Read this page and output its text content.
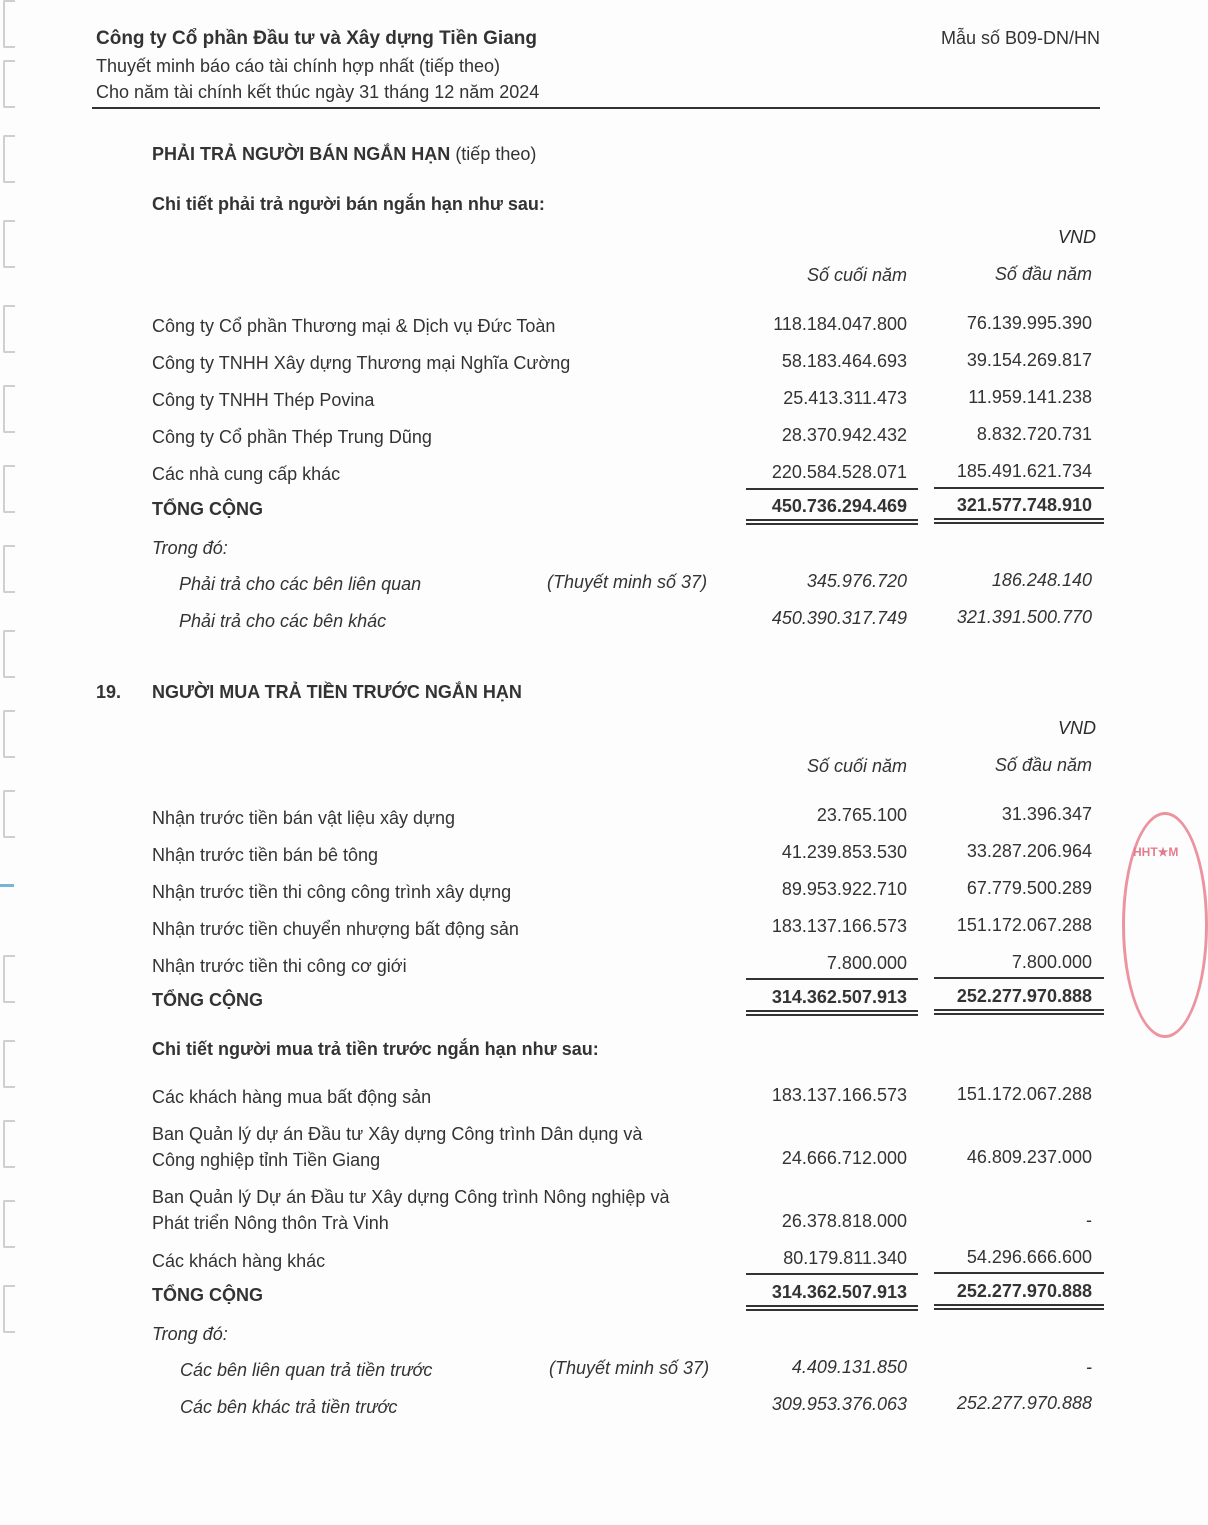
Công ty Cổ phần Đầu tư và Xây dựng Tiền Giang
Thuyết minh báo cáo tài chính hợp nhất (tiếp theo)
Cho năm tài chính kết thúc ngày 31 tháng 12 năm 2024
Mẫu số B09-DN/HN
PHẢI TRẢ NGƯỜI BÁN NGẮN HẠN (tiếp theo)
Chi tiết phải trả người bán ngắn hạn như sau:
VND
Số cuối năm	Số đầu năm
Công ty Cổ phần Thương mại & Dịch vụ Đức Toàn	118.184.047.800	76.139.995.390
Công ty TNHH Xây dựng Thương mại Nghĩa Cường	58.183.464.693	39.154.269.817
Công ty TNHH Thép Povina	25.413.311.473	11.959.141.238
Công ty Cổ phần Thép Trung Dũng	28.370.942.432	8.832.720.731
Các nhà cung cấp khác	220.584.528.071	185.491.621.734
TỔNG CỘNG	450.736.294.469	321.577.748.910
Trong đó:
Phải trả cho các bên liên quan	(Thuyết minh số 37)	345.976.720	186.248.140
Phải trả cho các bên khác	450.390.317.749	321.391.500.770
19. NGƯỜI MUA TRẢ TIỀN TRƯỚC NGẮN HẠN
VND
Số cuối năm	Số đầu năm
Nhận trước tiền bán vật liệu xây dựng	23.765.100	31.396.347
Nhận trước tiền bán bê tông	41.239.853.530	33.287.206.964
Nhận trước tiền thi công công trình xây dựng	89.953.922.710	67.779.500.289
Nhận trước tiền chuyển nhượng bất động sản	183.137.166.573	151.172.067.288
Nhận trước tiền thi công cơ giới	7.800.000	7.800.000
TỔNG CỘNG	314.362.507.913	252.277.970.888
Chi tiết người mua trả tiền trước ngắn hạn như sau:
Các khách hàng mua bất động sản	183.137.166.573	151.172.067.288
Ban Quản lý dự án Đầu tư Xây dựng Công trình Dân dụng và
Công nghiệp tỉnh Tiền Giang	24.666.712.000	46.809.237.000
Ban Quản lý Dự án Đầu tư Xây dựng Công trình Nông nghiệp và
Phát triển Nông thôn Trà Vinh	26.378.818.000	-
Các khách hàng khác	80.179.811.340	54.296.666.600
TỔNG CỘNG	314.362.507.913	252.277.970.888
Trong đó:
Các bên liên quan trả tiền trước	(Thuyết minh số 37)	4.409.131.850	-
Các bên khác trả tiền trước	309.953.376.063	252.277.970.888
HHT★M
